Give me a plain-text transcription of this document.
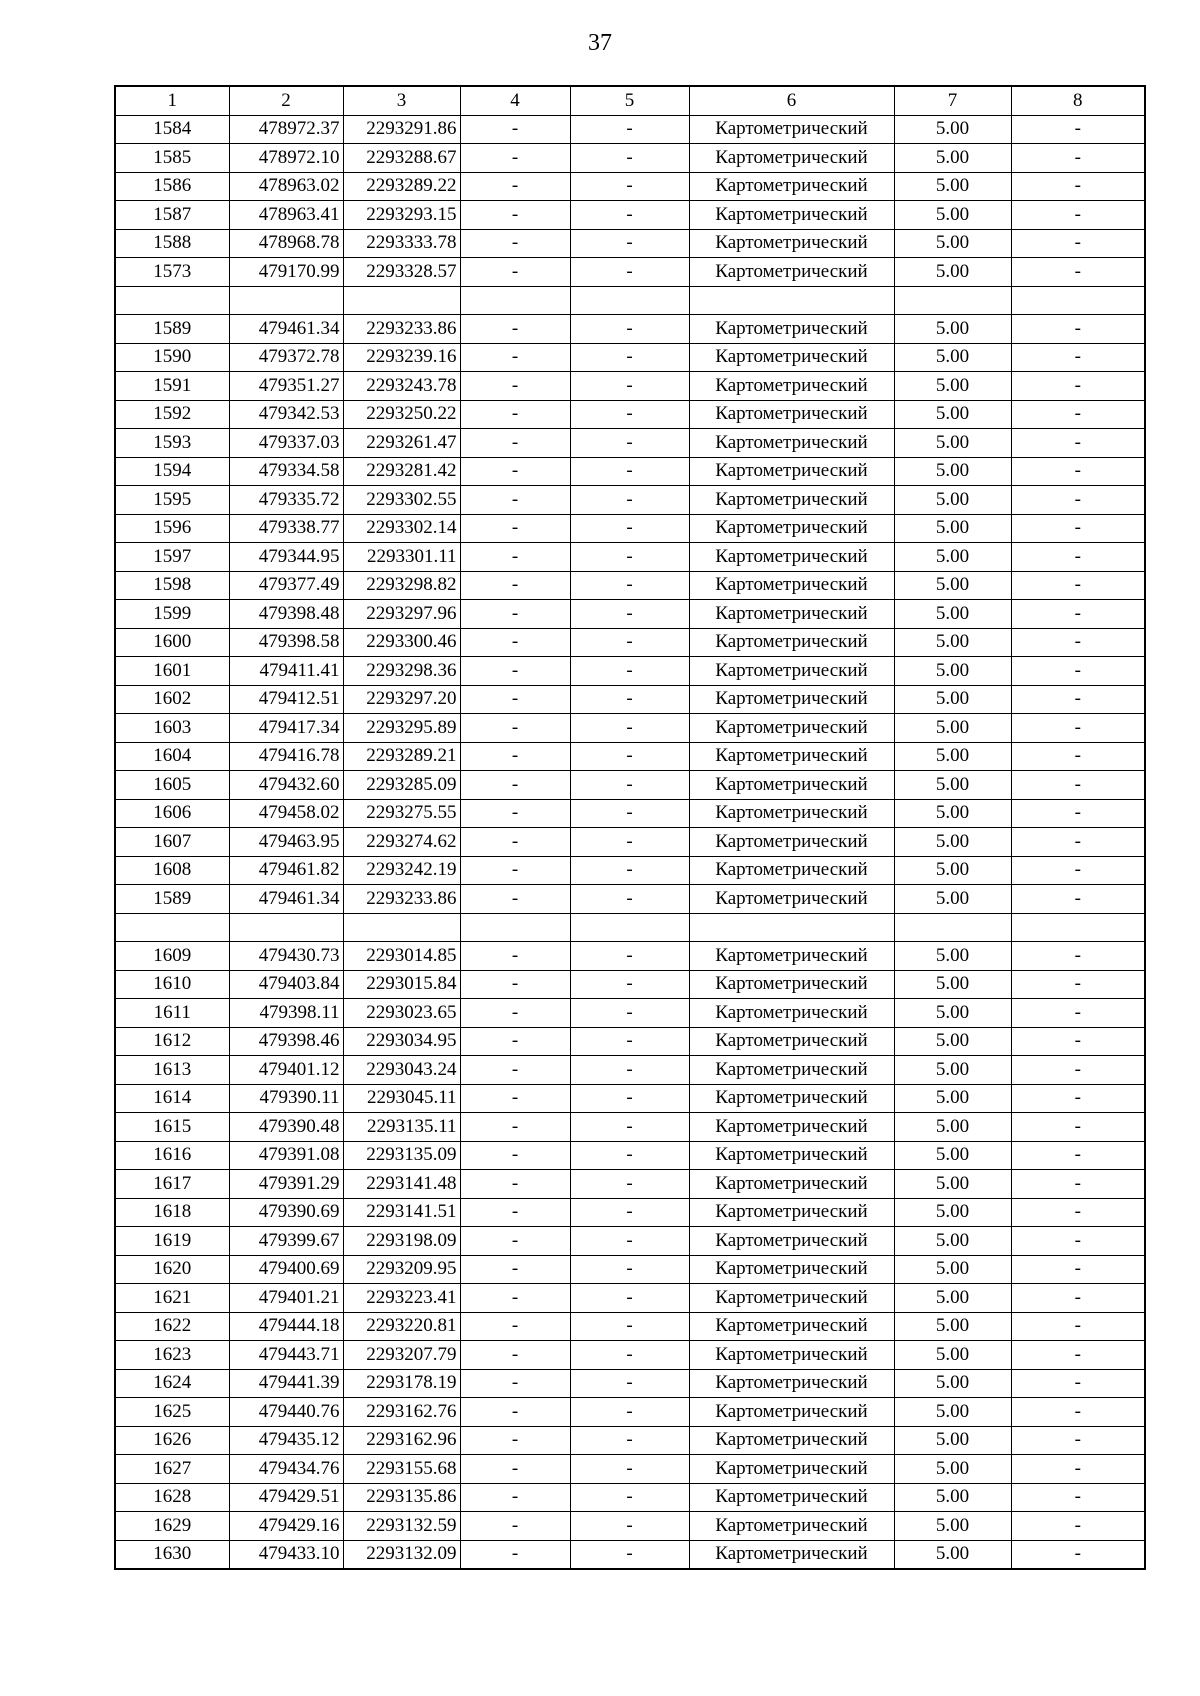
37
1	2	3	4	5	6	7	8
1584	478972.37	2293291.86	-	-	Картометрический	5.00	-
1585	478972.10	2293288.67	-	-	Картометрический	5.00	-
1586	478963.02	2293289.22	-	-	Картометрический	5.00	-
1587	478963.41	2293293.15	-	-	Картометрический	5.00	-
1588	478968.78	2293333.78	-	-	Картометрический	5.00	-
1573	479170.99	2293328.57	-	-	Картометрический	5.00	-

1589	479461.34	2293233.86	-	-	Картометрический	5.00	-
1590	479372.78	2293239.16	-	-	Картометрический	5.00	-
1591	479351.27	2293243.78	-	-	Картометрический	5.00	-
1592	479342.53	2293250.22	-	-	Картометрический	5.00	-
1593	479337.03	2293261.47	-	-	Картометрический	5.00	-
1594	479334.58	2293281.42	-	-	Картометрический	5.00	-
1595	479335.72	2293302.55	-	-	Картометрический	5.00	-
1596	479338.77	2293302.14	-	-	Картометрический	5.00	-
1597	479344.95	2293301.11	-	-	Картометрический	5.00	-
1598	479377.49	2293298.82	-	-	Картометрический	5.00	-
1599	479398.48	2293297.96	-	-	Картометрический	5.00	-
1600	479398.58	2293300.46	-	-	Картометрический	5.00	-
1601	479411.41	2293298.36	-	-	Картометрический	5.00	-
1602	479412.51	2293297.20	-	-	Картометрический	5.00	-
1603	479417.34	2293295.89	-	-	Картометрический	5.00	-
1604	479416.78	2293289.21	-	-	Картометрический	5.00	-
1605	479432.60	2293285.09	-	-	Картометрический	5.00	-
1606	479458.02	2293275.55	-	-	Картометрический	5.00	-
1607	479463.95	2293274.62	-	-	Картометрический	5.00	-
1608	479461.82	2293242.19	-	-	Картометрический	5.00	-
1589	479461.34	2293233.86	-	-	Картометрический	5.00	-

1609	479430.73	2293014.85	-	-	Картометрический	5.00	-
1610	479403.84	2293015.84	-	-	Картометрический	5.00	-
1611	479398.11	2293023.65	-	-	Картометрический	5.00	-
1612	479398.46	2293034.95	-	-	Картометрический	5.00	-
1613	479401.12	2293043.24	-	-	Картометрический	5.00	-
1614	479390.11	2293045.11	-	-	Картометрический	5.00	-
1615	479390.48	2293135.11	-	-	Картометрический	5.00	-
1616	479391.08	2293135.09	-	-	Картометрический	5.00	-
1617	479391.29	2293141.48	-	-	Картометрический	5.00	-
1618	479390.69	2293141.51	-	-	Картометрический	5.00	-
1619	479399.67	2293198.09	-	-	Картометрический	5.00	-
1620	479400.69	2293209.95	-	-	Картометрический	5.00	-
1621	479401.21	2293223.41	-	-	Картометрический	5.00	-
1622	479444.18	2293220.81	-	-	Картометрический	5.00	-
1623	479443.71	2293207.79	-	-	Картометрический	5.00	-
1624	479441.39	2293178.19	-	-	Картометрический	5.00	-
1625	479440.76	2293162.76	-	-	Картометрический	5.00	-
1626	479435.12	2293162.96	-	-	Картометрический	5.00	-
1627	479434.76	2293155.68	-	-	Картометрический	5.00	-
1628	479429.51	2293135.86	-	-	Картометрический	5.00	-
1629	479429.16	2293132.59	-	-	Картометрический	5.00	-
1630	479433.10	2293132.09	-	-	Картометрический	5.00	-
